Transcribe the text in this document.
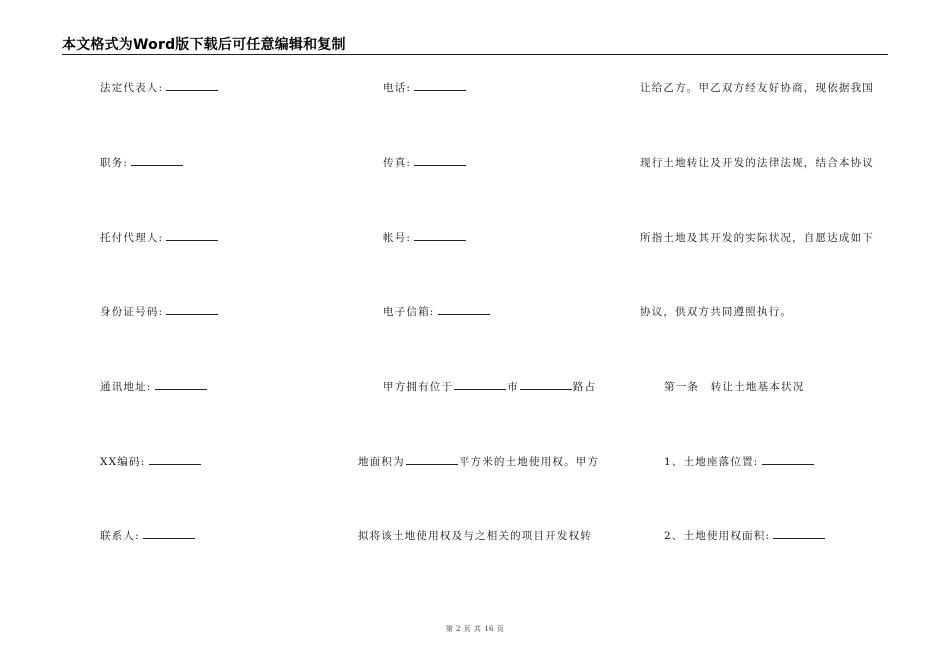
本文格式为Word版下载后可任意编辑和复制
法定代表人:
职务:
托付代理人:
身份证号码:
通讯地址:
XX编码:
联系人:
电话:
传真:
帐号:
电子信箱:
甲方拥有位于	市	路占
地面积为	平方米的土地使用权。甲方
拟将该土地使用权及与之相关的项目开发权转
让给乙方。甲乙双方经友好协商，现依据我国
现行土地转让及开发的法律法规，结合本协议
所指土地及其开发的实际状况，自愿达成如下
协议，供双方共同遵照执行。
第一条　转让土地基本状况
1、土地座落位置:
2、土地使用权面积:
第 2 页 共 16 页
